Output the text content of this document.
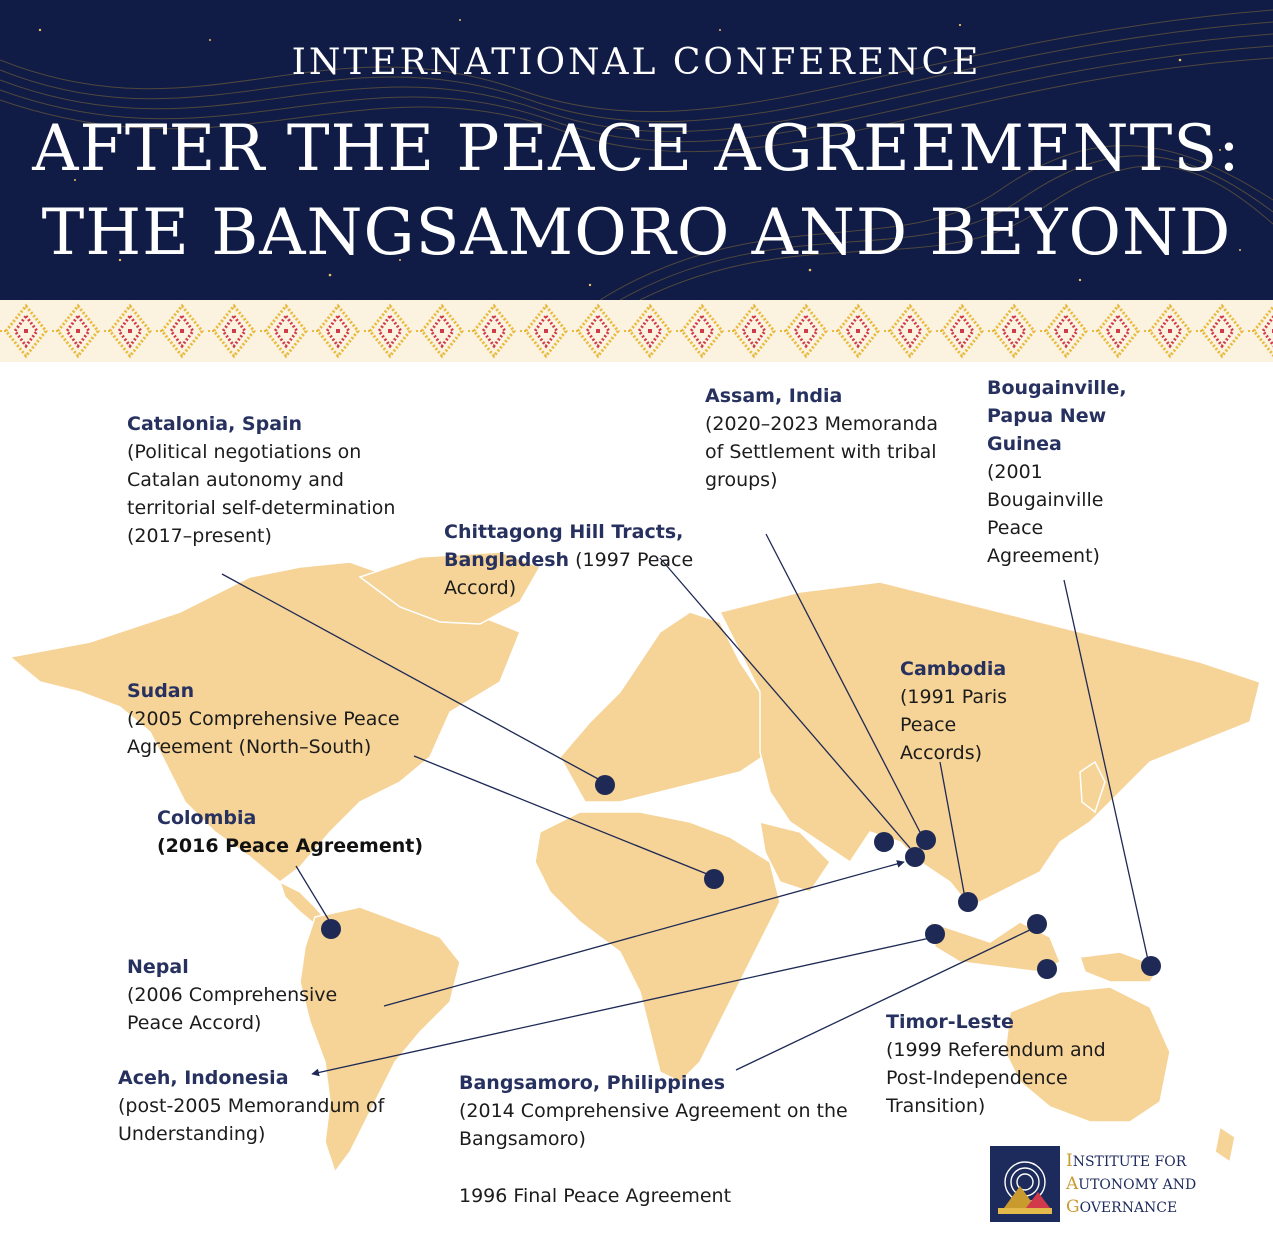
INTERNATIONAL CONFERENCE
AFTER THE PEACE AGREEMENTS:
THE BANGSAMORO AND BEYOND
Catalonia, Spain
(Political negotiations on Catalan autonomy and territorial self-determination (2017–present)	Chittagong Hill Tracts, Bangladesh (1997 Peace Accord)
Assam, India
(2020–2023 Memoranda of Settlement with tribal groups)
Bougainville, Papua New Guinea
(2001 Bougainville Peace Agreement)
Sudan
(2005 Comprehensive Peace Agreement (North–South)
Cambodia
(1991 Paris Peace Accords)
Colombia
(2016 Peace Agreement)
Nepal
(2006 Comprehensive Peace Accord)
Aceh, Indonesia
(post-2005 Memorandum of Understanding)
Bangsamoro, Philippines
(2014 Comprehensive Agreement on the Bangsamoro)
Timor-Leste
(1999 Referendum and Post-Independence Transition)
1996 Final Peace Agreement
INSTITUTE FOR
AUTONOMY AND
GOVERNANCE
